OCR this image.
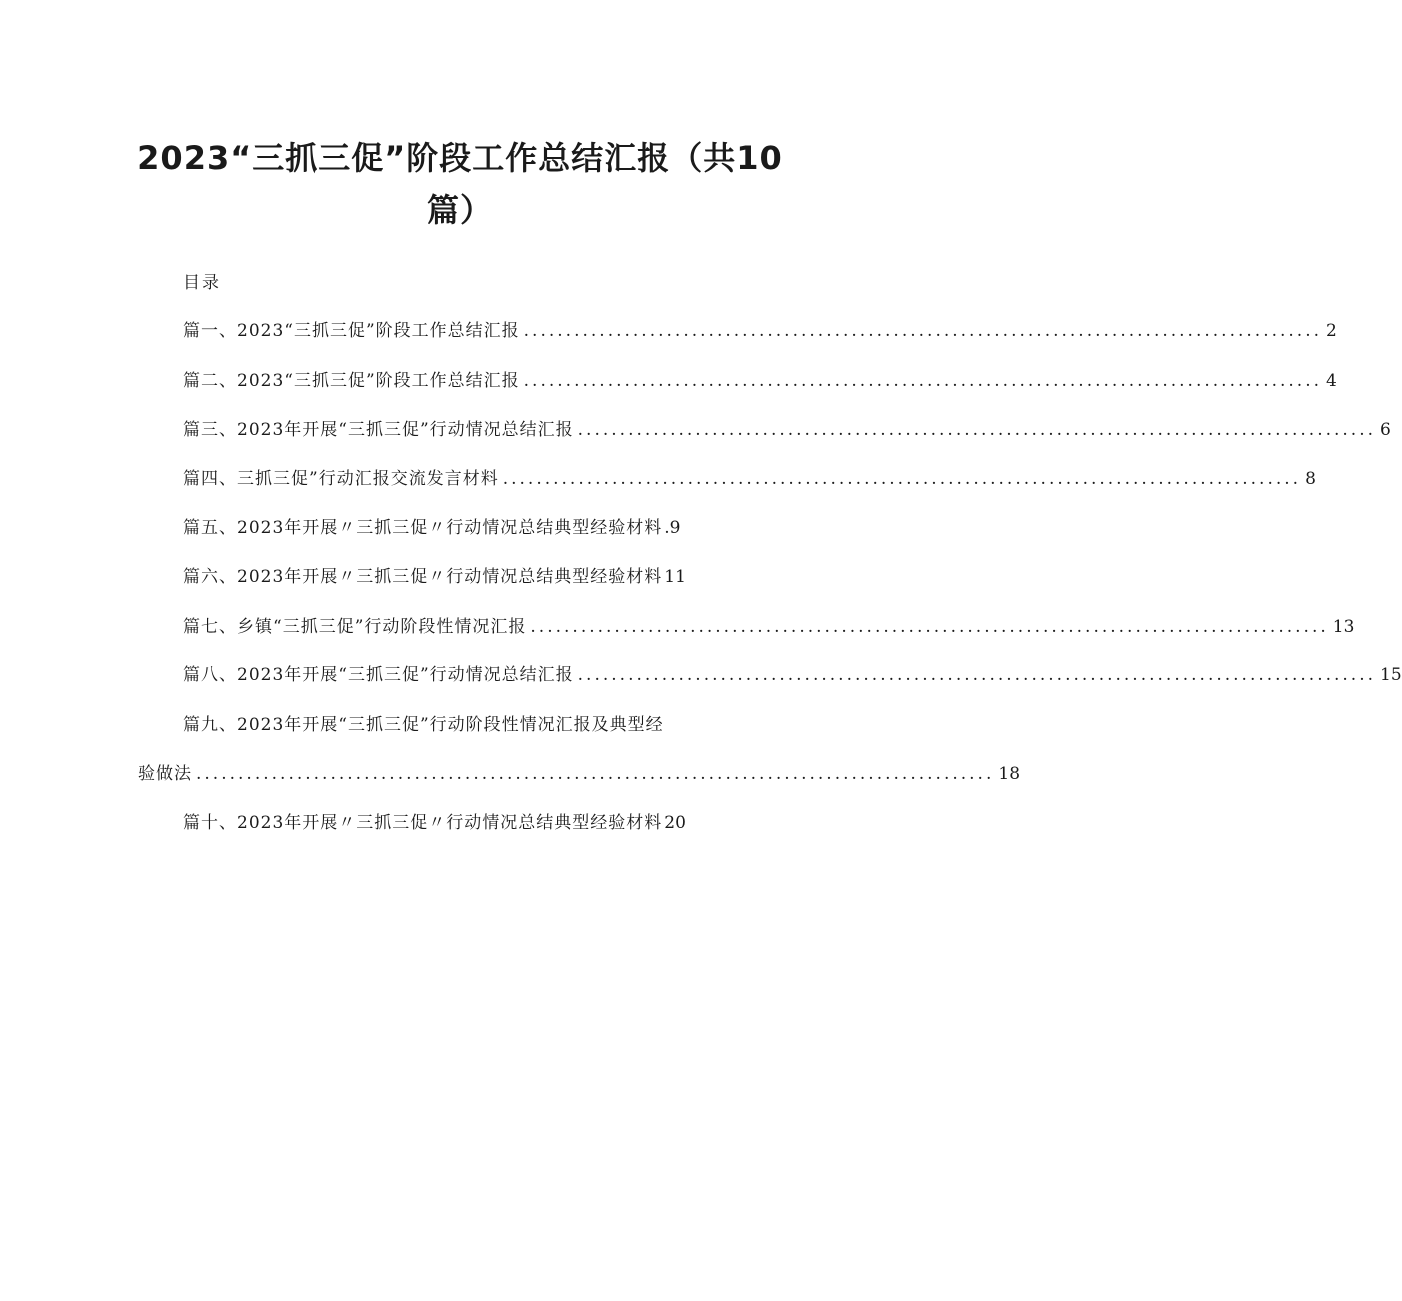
2023“三抓三促”阶段工作总结汇报（共10
篇）
目录
篇一、2023“三抓三促”阶段工作总结汇报 ............................................................................................... 2
篇二、2023“三抓三促”阶段工作总结汇报 ............................................................................................... 4
篇三、2023年开展“三抓三促”行动情况总结汇报 ............................................................................................... 6
篇四、三抓三促”行动汇报交流发言材料 ............................................................................................... 8
篇五、2023年开展〃三抓三促〃行动情况总结典型经验材料 .9
篇六、2023年开展〃三抓三促〃行动情况总结典型经验材料 11
篇七、乡镇“三抓三促”行动阶段性情况汇报 ............................................................................................... 13
篇八、2023年开展“三抓三促”行动情况总结汇报 ............................................................................................... 15
篇九、2023年开展“三抓三促”行动阶段性情况汇报及典型经
验做法 ............................................................................................... 18
篇十、2023年开展〃三抓三促〃行动情况总结典型经验材料 20
